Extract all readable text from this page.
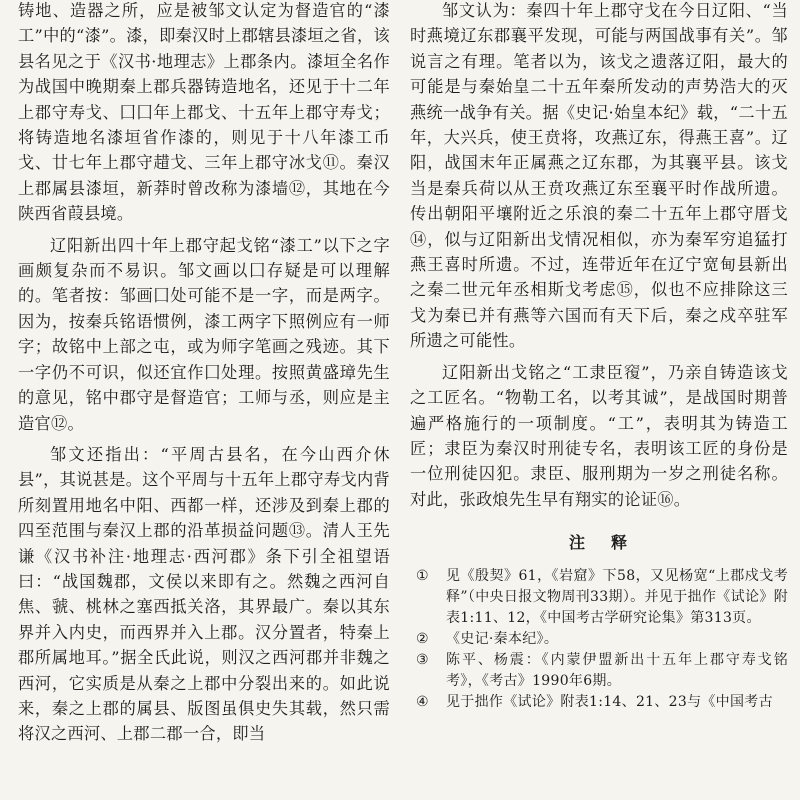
铸地、造器之所，应是被邹文认定为督造官的“漆工”中的“漆”。漆，即秦汉时上郡辖县漆垣之省，该县名见之于《汉书·地理志》上郡条内。漆垣全名作为战国中晚期秦上郡兵器铸造地名，还见于十二年上郡守寿戈、囗囗年上郡戈、十五年上郡守寿戈；将铸造地名漆垣省作漆的，则见于十八年漆工币戈、廿七年上郡守趞戈、三年上郡守冰戈⑪。秦汉上郡属县漆垣，新莽时曾改称为漆墙⑫，其地在今陕西省葭县境。

辽阳新出四十年上郡守起戈铭“漆工”以下之字画颇复杂而不易识。邹文画以囗存疑是可以理解的。笔者按：邹画囗处可能不是一字，而是两字。因为，按秦兵铭语惯例，漆工两字下照例应有一师字；故铭中上部之屯，或为师字笔画之残迹。其下一字仍不可识，似还宜作囗处理。按照黄盛璋先生的意见，铭中郡守是督造官；工师与丞，则应是主造官⑫。

邹文还指出：“平周古县名，在今山西介休县”，其说甚是。这个平周与十五年上郡守寿戈内背所刻置用地名中阳、西都一样，还涉及到秦上郡的四至范围与秦汉上郡的沿革损益问题⑬。清人王先谦《汉书补注·地理志·西河郡》条下引全祖望语曰：“战国魏郡，文侯以来即有之。然魏之西河自焦、虢、桃林之塞西抵关洛，其界最广。秦以其东界并入内史，而西界并入上郡。汉分置者，特秦上郡所属地耳。”据全氏此说，则汉之西河郡并非魏之西河，它实质是从秦之上郡中分裂出来的。如此说来，秦之上郡的属县、版图虽俱史失其载，然只需将汉之西河、上郡二郡一合，即当

邹文认为：秦四十年上郡守戈在今日辽阳、“当时燕境辽东郡襄平发现，可能与两国战事有关”。邹说言之有理。笔者以为，该戈之遗落辽阳，最大的可能是与秦始皇二十五年秦所发动的声势浩大的灭燕统一战争有关。据《史记·始皇本纪》载，“二十五年，大兴兵，使王贲将，攻燕辽东，得燕王喜”。辽阳，战国末年正属燕之辽东郡，为其襄平县。该戈当是秦兵荷以从王贲攻燕辽东至襄平时作战所遗。传出朝阳平壤附近之乐浪的秦二十五年上郡守厝戈⑭，似与辽阳新出戈情况相似，亦为秦军穷追猛打燕王喜时所遗。不过，连带近年在辽宁宽甸县新出之秦二世元年丞相斯戈考虑⑮，似也不应排除这三戈为秦已并有燕等六国而有天下后，秦之戍卒驻军所遗之可能性。

辽阳新出戈铭之“工隶臣𥨍”，乃亲自铸造该戈之工匠名。“物勒工名，以考其诚”，是战国时期普遍严格施行的一项制度。“工”，表明其为铸造工匠；隶臣为秦汉时刑徒专名，表明该工匠的身份是一位刑徒囚犯。隶臣、服刑期为一岁之刑徒名称。对此，张政烺先生早有翔实的论证⑯。

注释
①	见《殷契》61，《岩窟》下58，又见杨宽“上郡戍戈考释”（中央日报文物周刊33期）。并见于拙作《试论》附表1:11、12，《中国考古学研究论集》第313页。
②	《史记·秦本纪》。
③	陈平、杨震：《内蒙伊盟新出十五年上郡守寿戈铭考》，《考古》1990年6期。
④	见于拙作《试论》附表1:14、21、23与《中国考古
